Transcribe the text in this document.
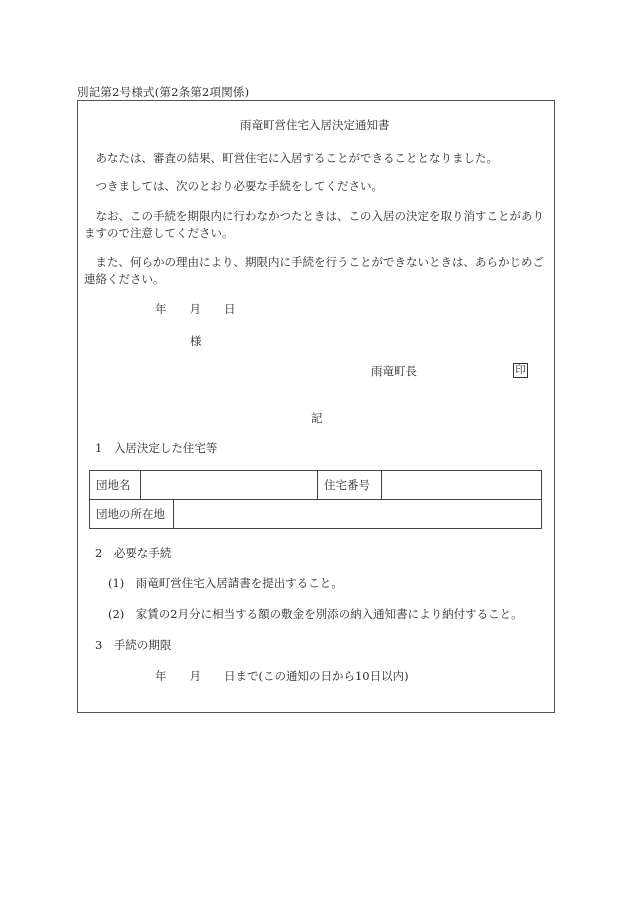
別記第2号様式(第2条第2項関係)
雨竜町営住宅入居決定通知書
　あなたは、審査の結果、町営住宅に入居することができることとなりました。
　つきましては、次のとおり必要な手続をしてください。
　なお、この手続を期限内に行わなかつたときは、この入居の決定を取り消すことがありますので注意してください。
　また、何らかの理由により、期限内に手続を行うことができないときは、あらかじめご連絡ください。
年　　月　　日
様
雨竜町長	印
記
1　入居決定した住宅等
団地名		住宅番号	

団地の所在地
2　必要な手続
(1)　雨竜町営住宅入居請書を提出すること。
(2)　家賃の2月分に相当する額の敷金を別添の納入通知書により納付すること。
3　手続の期限
年　　月　　日まで(この通知の日から10日以内)
